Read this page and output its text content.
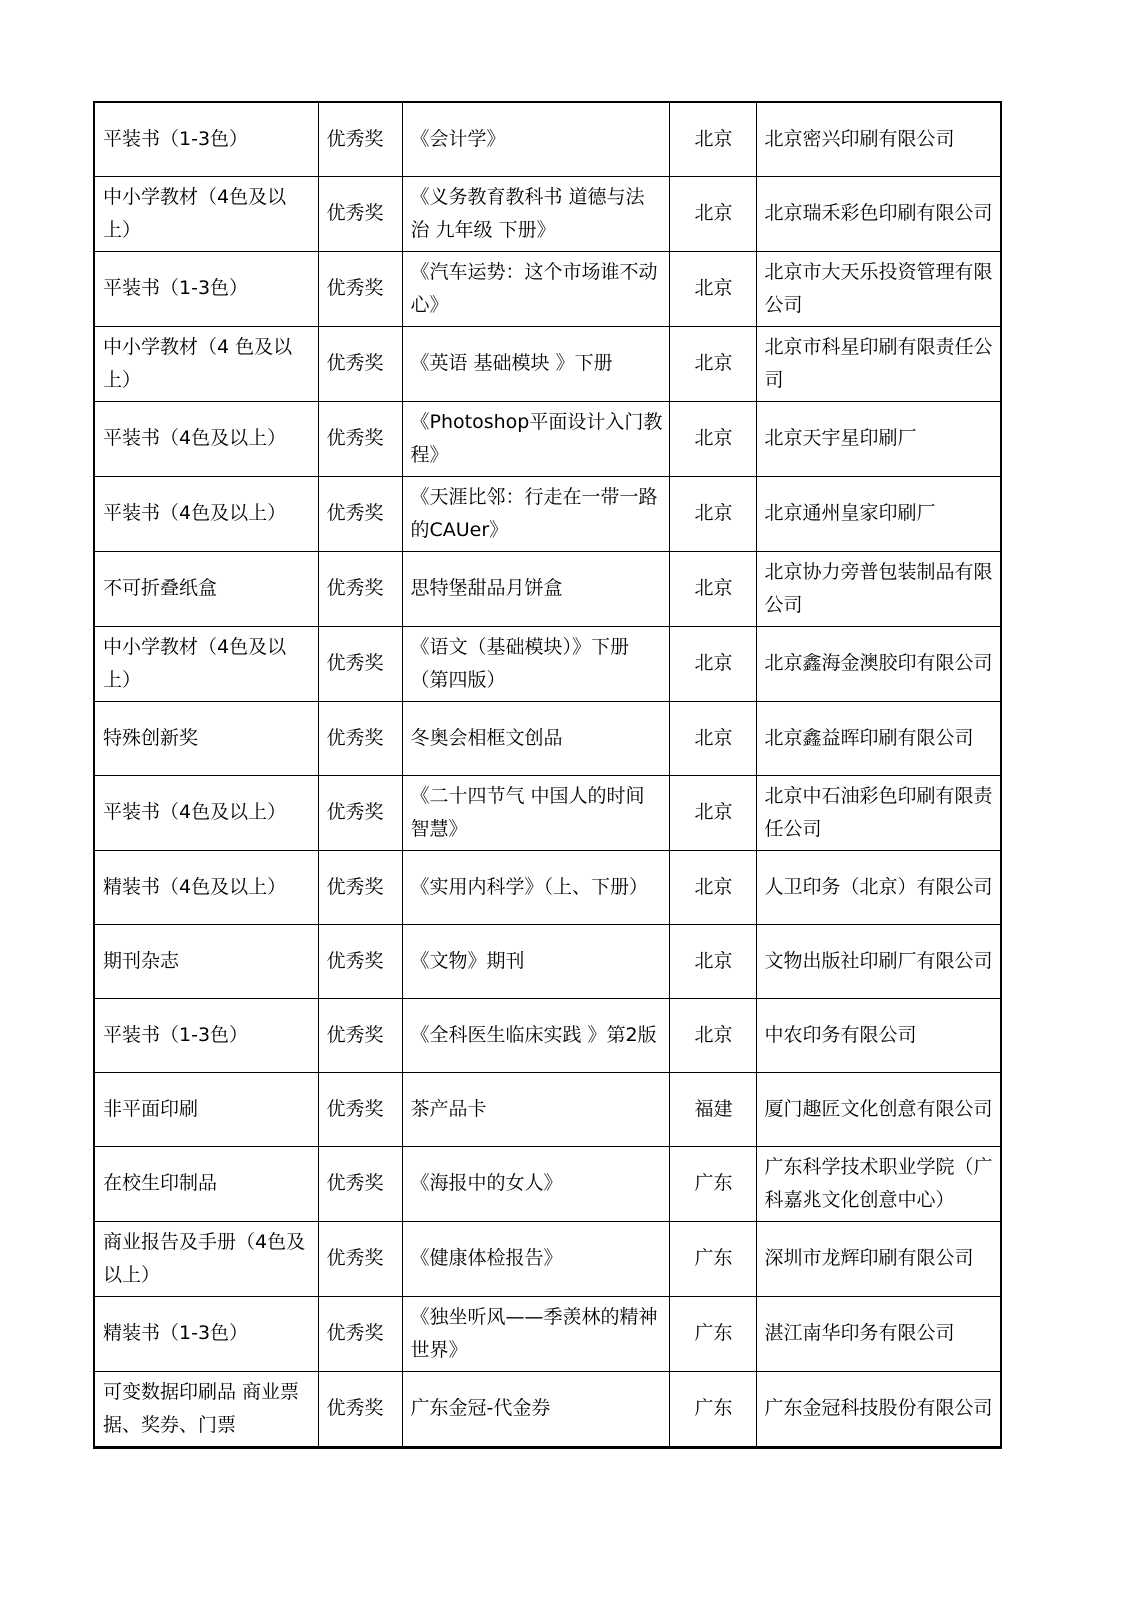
平装书（1-3色）	优秀奖	《会计学》	北京	北京密兴印刷有限公司
中小学教材（4色及以上）	优秀奖	《义务教育教科书 道德与法治 九年级 下册》	北京	北京瑞禾彩色印刷有限公司
平装书（1-3色）	优秀奖	《汽车运势：这个市场谁不动心》	北京	北京市大天乐投资管理有限公司
中小学教材（4 色及以上）	优秀奖	《英语 基础模块 》下册	北京	北京市科星印刷有限责任公司
平装书（4色及以上）	优秀奖	《Photoshop平面设计入门教程》	北京	北京天宇星印刷厂
平装书（4色及以上）	优秀奖	《天涯比邻：行走在一带一路的CAUer》	北京	北京通州皇家印刷厂
不可折叠纸盒	优秀奖	思特堡甜品月饼盒	北京	北京协力旁普包装制品有限公司
中小学教材（4色及以上）	优秀奖	《语文（基础模块）》下册（第四版）	北京	北京鑫海金澳胶印有限公司
特殊创新奖	优秀奖	冬奥会相框文创品	北京	北京鑫益晖印刷有限公司
平装书（4色及以上）	优秀奖	《二十四节气 中国人的时间智慧》	北京	北京中石油彩色印刷有限责任公司
精装书（4色及以上）	优秀奖	《实用内科学》（上、下册）	北京	人卫印务（北京）有限公司
期刊杂志	优秀奖	《文物》期刊	北京	文物出版社印刷厂有限公司
平装书（1-3色）	优秀奖	《全科医生临床实践 》第2版	北京	中农印务有限公司
非平面印刷	优秀奖	茶产品卡	福建	厦门趣匠文化创意有限公司
在校生印制品	优秀奖	《海报中的女人》	广东	广东科学技术职业学院（广科嘉兆文化创意中心）
商业报告及手册（4色及以上）	优秀奖	《健康体检报告》	广东	深圳市龙辉印刷有限公司
精装书（1-3色）	优秀奖	《独坐听风——季羡林的精神世界》	广东	湛江南华印务有限公司
可变数据印刷品 商业票据、奖券、门票	优秀奖	广东金冠-代金券	广东	广东金冠科技股份有限公司
